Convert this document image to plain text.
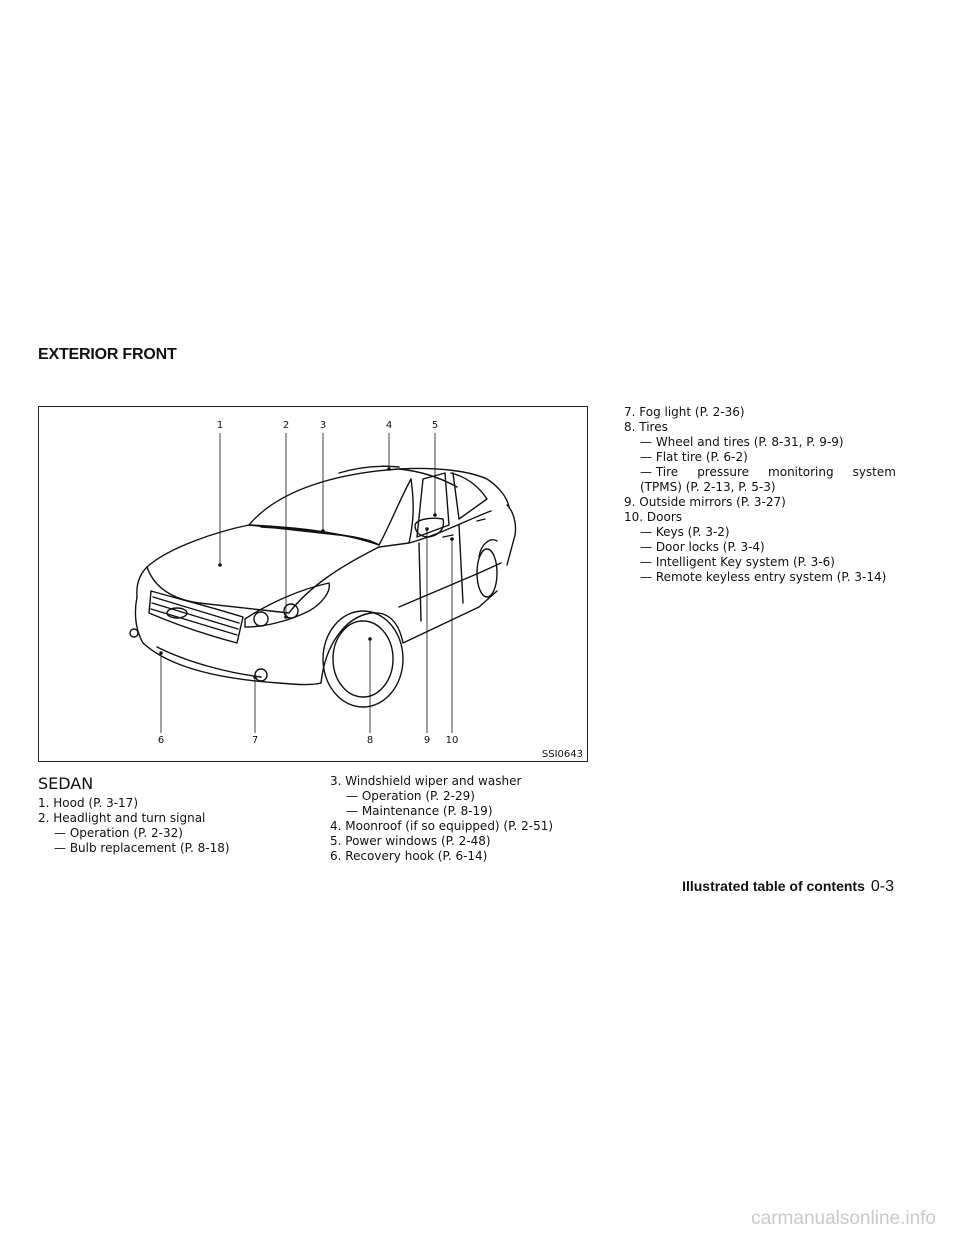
EXTERIOR FRONT
1	2	3	4	5
6	7	8	9	10
SSI0643
SEDAN
1. Hood (P. 3-17)
2. Headlight and turn signal
— Operation (P. 2-32)
— Bulb replacement (P. 8-18)
3. Windshield wiper and washer
— Operation (P. 2-29)
— Maintenance (P. 8-19)
4. Moonroof (if so equipped) (P. 2-51)
5. Power windows (P. 2-48)
6. Recovery hook (P. 6-14)
7. Fog light (P. 2-36)
8. Tires
— Wheel and tires (P. 8-31, P. 9-9)
— Flat tire (P. 6-2)
— Tire pressure monitoring system
(TPMS) (P. 2-13, P. 5-3)
9. Outside mirrors (P. 3-27)
10. Doors
— Keys (P. 3-2)
— Door locks (P. 3-4)
— Intelligent Key system (P. 3-6)
— Remote keyless entry system (P. 3-14)
Illustrated table of contents 0-3
carmanualsonline.info
